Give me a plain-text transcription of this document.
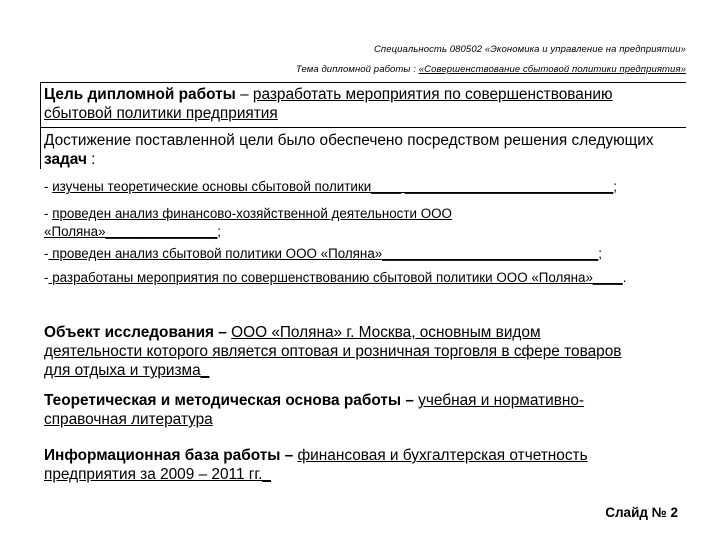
Специальность 080502 «Экономика и управление на предприятии»
Тема дипломной работы : «Совершенствование сбытовой политики предприятия»
Цель дипломной работы – разработать мероприятия по совершенствованию сбытовой политики предприятия
Достижение поставленной цели было обеспечено посредством решения следующих задач :
- изучены теоретические основы сбытовой политики____ ____________________________;
- проведен анализ финансово-хозяйственной деятельности ООО
«Поляна»_______________;
- проведен анализ сбытовой политики ООО «Поляна»_____________________________;
- разработаны мероприятия по совершенствованию сбытовой политики ООО «Поляна»____.
Объект исследования – ООО «Поляна» г. Москва, основным видом
деятельности которого является оптовая и розничная торговля в сфере товаров
для отдыха и туризма_
Теоретическая и методическая основа работы – учебная и нормативно-
справочная литература
Информационная база работы – финансовая и бухгалтерская отчетность
предприятия за 2009 – 2011 гг._
Слайд № 2
